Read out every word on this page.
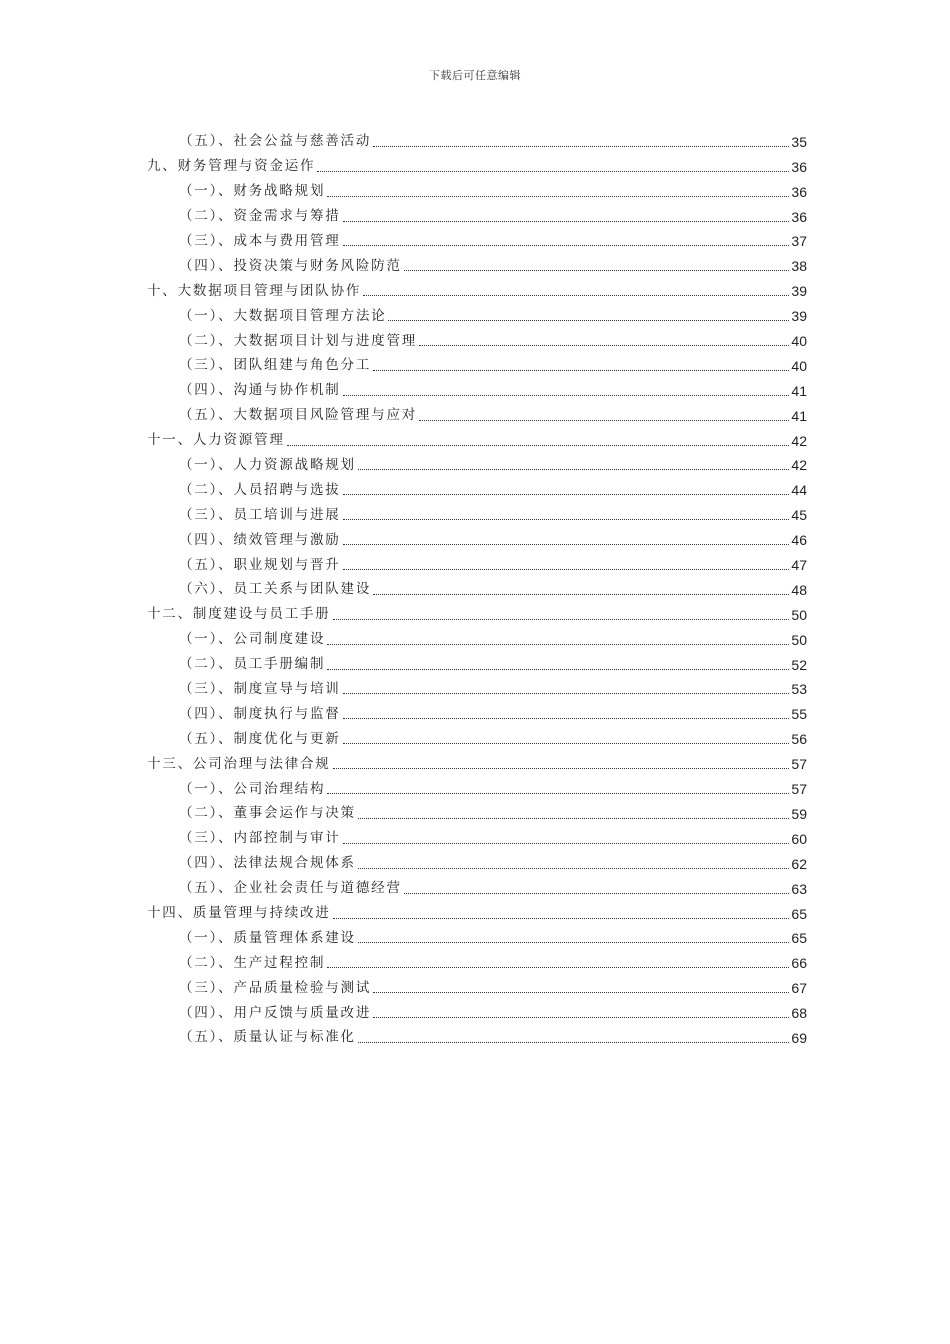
下载后可任意编辑
（五）、社会公益与慈善活动	35
九、财务管理与资金运作	36
（一）、财务战略规划	36
（二）、资金需求与筹措	36
（三）、成本与费用管理	37
（四）、投资决策与财务风险防范	38
十、大数据项目管理与团队协作	39
（一）、大数据项目管理方法论	39
（二）、大数据项目计划与进度管理	40
（三）、团队组建与角色分工	40
（四）、沟通与协作机制	41
（五）、大数据项目风险管理与应对	41
十一、人力资源管理	42
（一）、人力资源战略规划	42
（二）、人员招聘与选拔	44
（三）、员工培训与进展	45
（四）、绩效管理与激励	46
（五）、职业规划与晋升	47
（六）、员工关系与团队建设	48
十二、制度建设与员工手册	50
（一）、公司制度建设	50
（二）、员工手册编制	52
（三）、制度宣导与培训	53
（四）、制度执行与监督	55
（五）、制度优化与更新	56
十三、公司治理与法律合规	57
（一）、公司治理结构	57
（二）、董事会运作与决策	59
（三）、内部控制与审计	60
（四）、法律法规合规体系	62
（五）、企业社会责任与道德经营	63
十四、质量管理与持续改进	65
（一）、质量管理体系建设	65
（二）、生产过程控制	66
（三）、产品质量检验与测试	67
（四）、用户反馈与质量改进	68
（五）、质量认证与标准化	69
